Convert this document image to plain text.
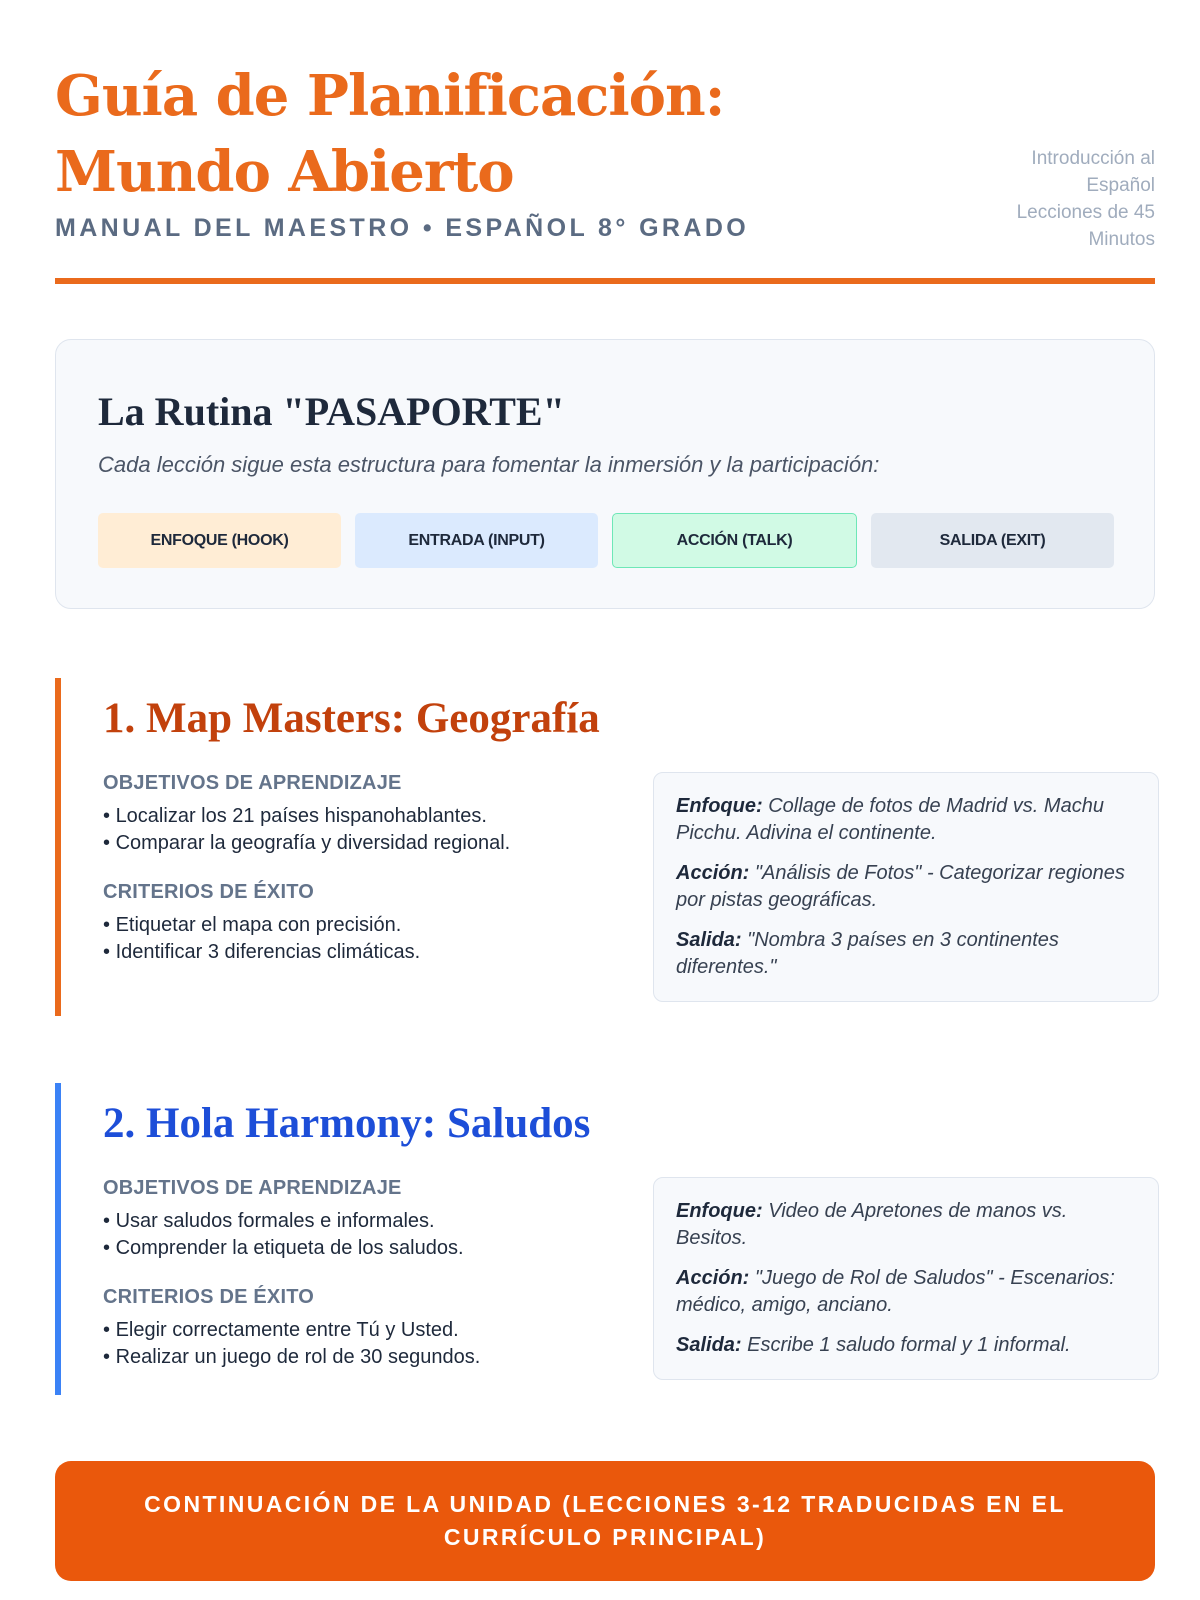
Guía de Planificación: Mundo Abierto
MANUAL DEL MAESTRO • ESPAÑOL 8° GRADO
Introducción al Español
Lecciones de 45 Minutos
La Rutina "PASAPORTE"

Cada lección sigue esta estructura para fomentar la inmersión y la participación:

ENFOQUE (HOOK)	ENTRADA (INPUT)	ACCIÓN (TALK)	SALIDA (EXIT)
1. Map Masters: Geografía
OBJETIVOS DE APRENDIZAJE
• Localizar los 21 países hispanohablantes.
• Comparar la geografía y diversidad regional.
CRITERIOS DE ÉXITO
• Etiquetar el mapa con precisión.
• Identificar 3 diferencias climáticas.

Enfoque: Collage de fotos de Madrid vs. Machu Picchu. Adivina el continente.

Acción: "Análisis de Fotos" - Categorizar regiones por pistas geográficas.

Salida: "Nombra 3 países en 3 continentes diferentes."

2. Hola Harmony: Saludos
OBJETIVOS DE APRENDIZAJE
• Usar saludos formales e informales.
• Comprender la etiqueta de los saludos.
CRITERIOS DE ÉXITO
• Elegir correctamente entre Tú y Usted.
• Realizar un juego de rol de 30 segundos.

Enfoque: Video de Apretones de manos vs. Besitos.

Acción: "Juego de Rol de Saludos" - Escenarios: médico, amigo, anciano.

Salida: Escribe 1 saludo formal y 1 informal.

CONTINUACIÓN DE LA UNIDAD (LECCIONES 3-12 TRADUCIDAS EN EL CURRÍCULO PRINCIPAL)
